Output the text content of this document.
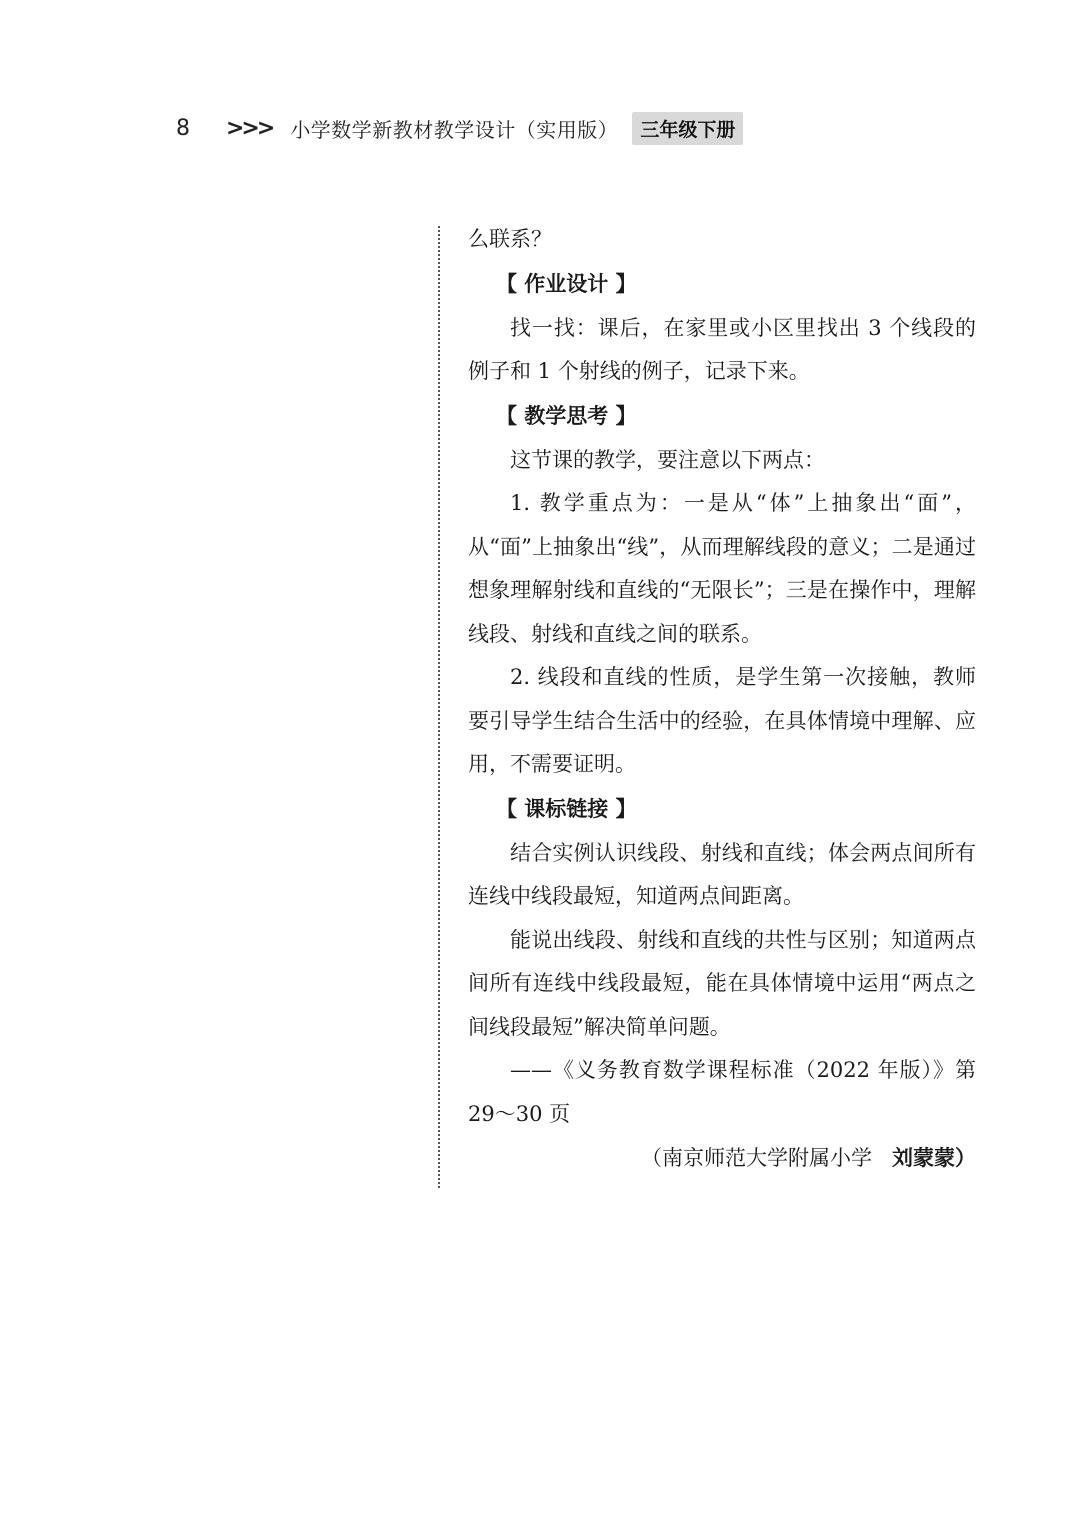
8	>>> 小学数学新教材教学设计（实用版）	三年级下册

么联系？

【 作业设计 】

找一找：课后，在家里或小区里找出 3 个线段的例子和 1 个射线的例子，记录下来。

【 教学思考 】

这节课的教学，要注意以下两点：

1. 教学重点为：一是从“体”上抽象出“面”，从“面”上抽象出“线”，从而理解线段的意义；二是通过想象理解射线和直线的“无限长”；三是在操作中，理解线段、射线和直线之间的联系。

2. 线段和直线的性质，是学生第一次接触，教师要引导学生结合生活中的经验，在具体情境中理解、应用，不需要证明。

【 课标链接 】

结合实例认识线段、射线和直线；体会两点间所有连线中线段最短，知道两点间距离。

能说出线段、射线和直线的共性与区别；知道两点间所有连线中线段最短，能在具体情境中运用“两点之间线段最短”解决简单问题。

——《义务教育数学课程标准（2022 年版）》第 29～30 页

（南京师范大学附属小学 刘蒙蒙）
